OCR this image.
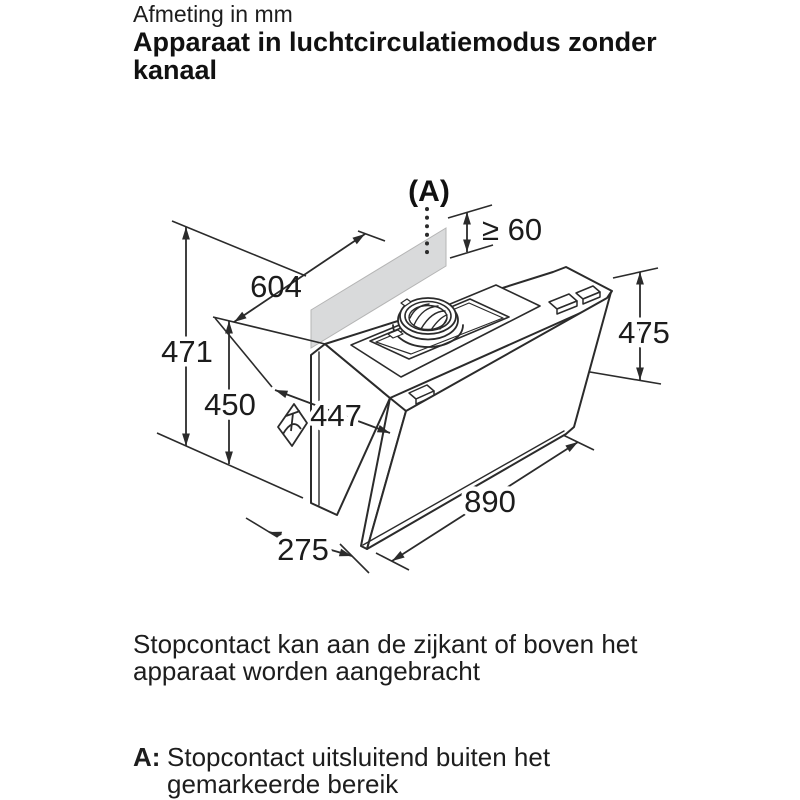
Afmeting in mm
Apparaat in luchtcirculatiemodus zonder
kanaal
(A)
604
471
450 447
≥ 60
475
890
275
Stopcontact kan aan de zijkant of boven het
apparaat worden aangebracht
A: Stopcontact uitsluitend buiten het
gemarkeerde bereik
